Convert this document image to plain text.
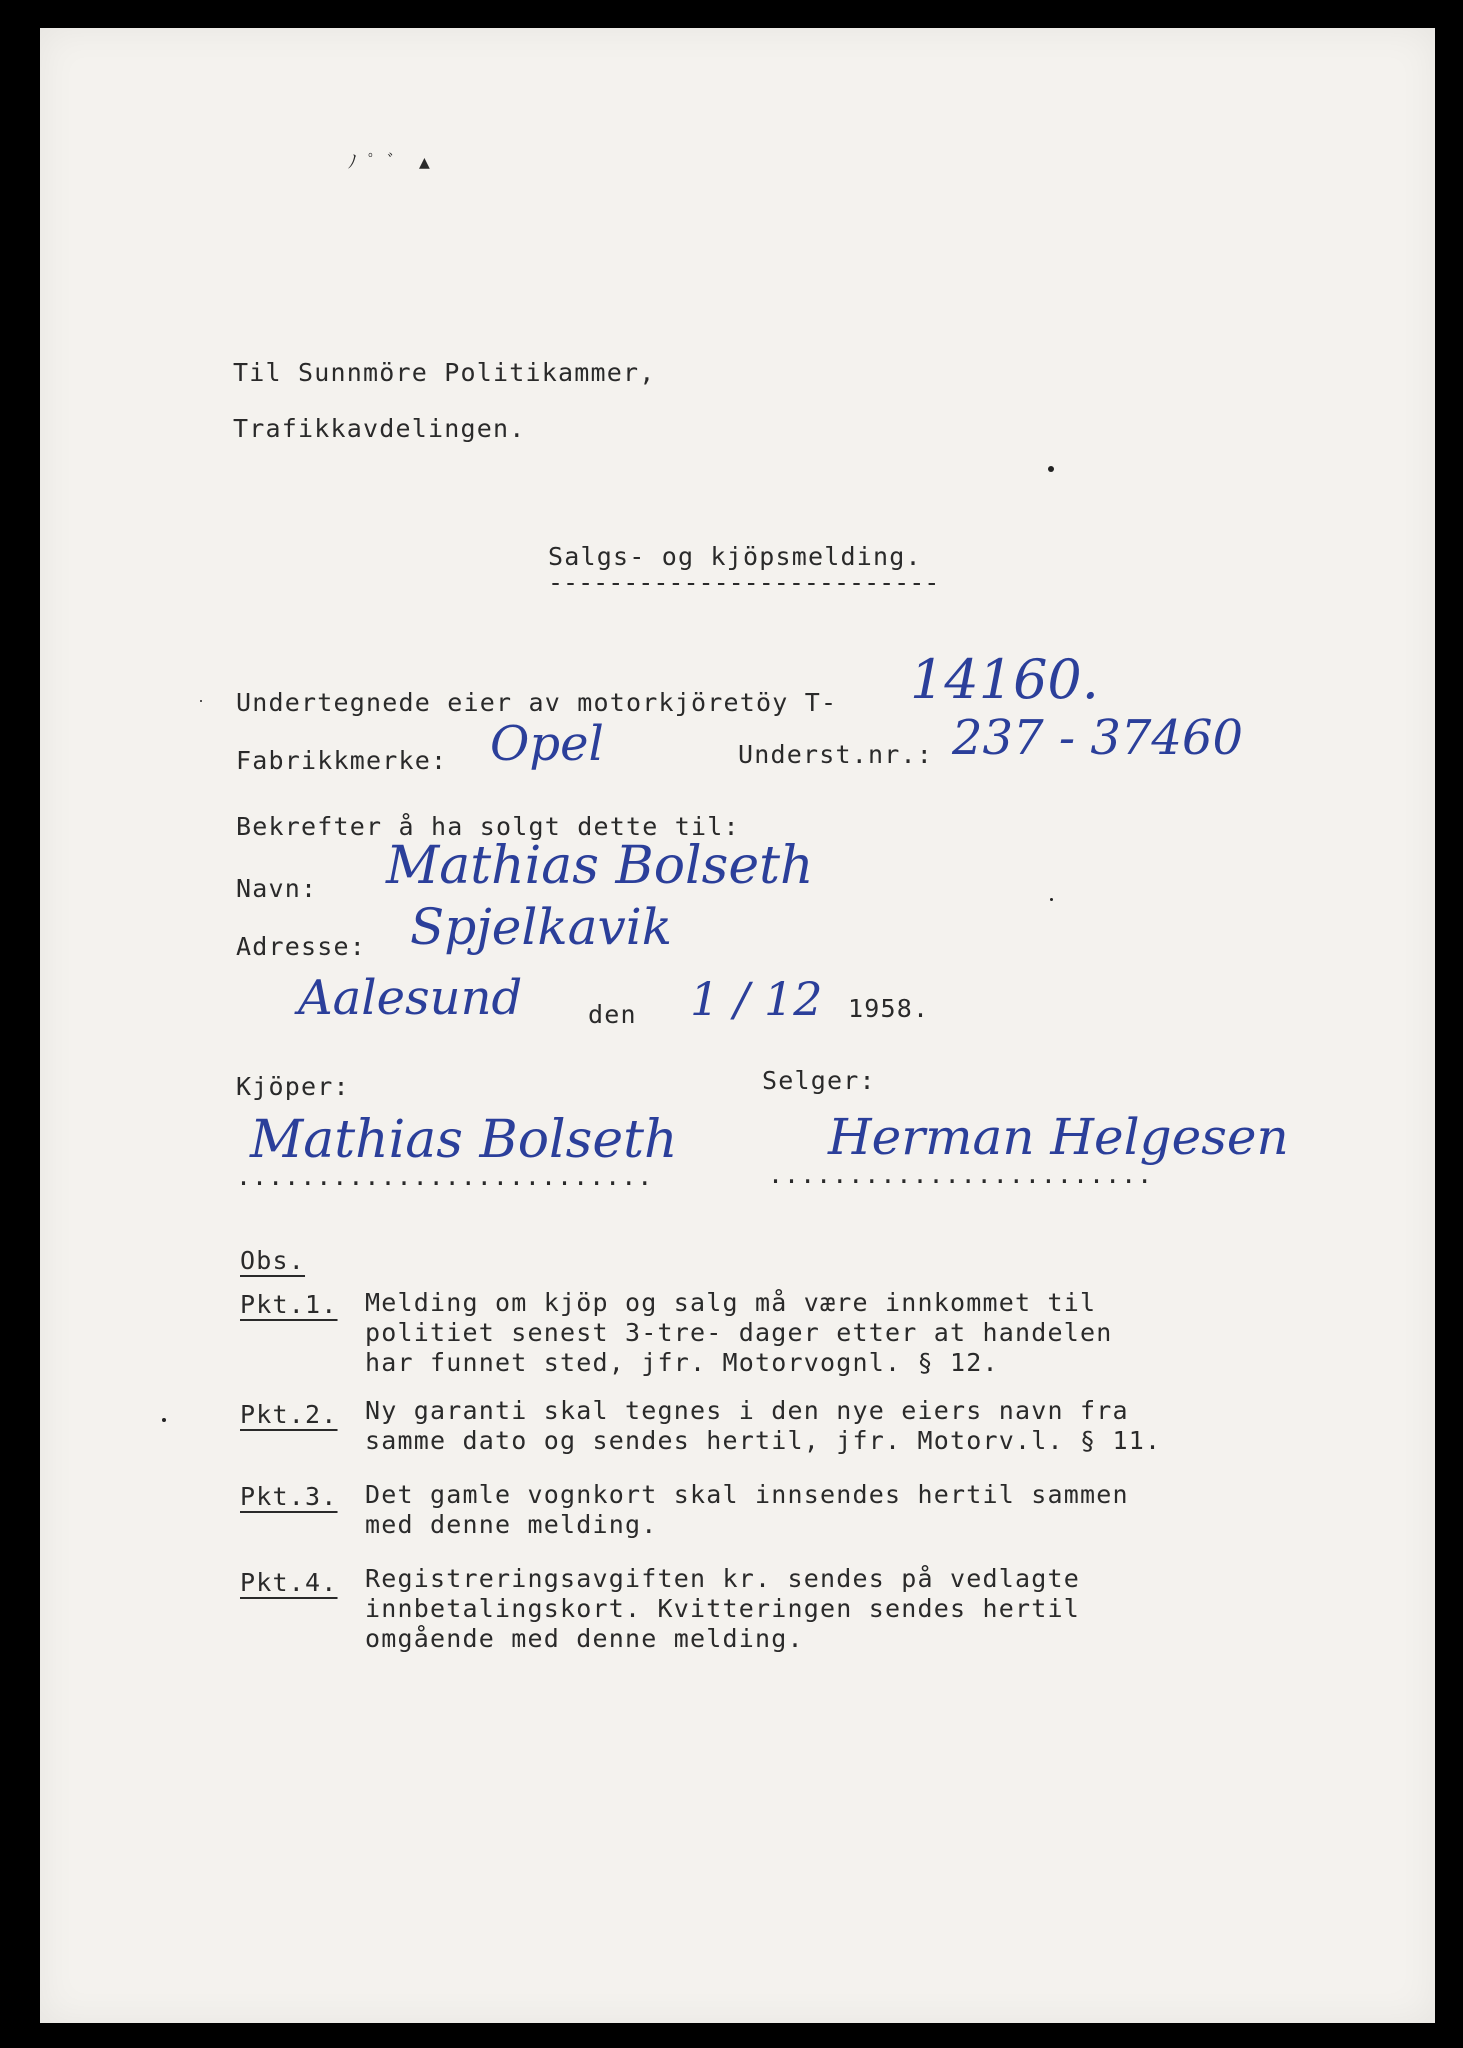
ﾉ ﾟ ﾞ ▲
Til Sunnmöre Politikammer,
Trafikkavdelingen.
Salgs- og kjöpsmelding.
--------------------------
Undertegnede eier av motorkjöretöy T- 14160.
Fabrikkmerke: Opel	Underst.nr.: 237 - 37460
Bekrefter å ha solgt dette til:
Navn: Mathias Bolseth
Adresse: Spjelkavik
Aalesund	den 1 / 12 1958.
Kjöper:	Selger:
Mathias Bolseth
..........................
Herman Helgesen
........................
Obs.
Pkt.1. Melding om kjöp og salg må være innkommet til
politiet senest 3-tre- dager etter at handelen
har funnet sted, jfr. Motorvognl. § 12.
Pkt.2. Ny garanti skal tegnes i den nye eiers navn fra
samme dato og sendes hertil, jfr. Motorv.l. § 11.
Pkt.3. Det gamle vognkort skal innsendes hertil sammen
med denne melding.
Pkt.4. Registreringsavgiften kr. sendes på vedlagte
innbetalingskort. Kvitteringen sendes hertil
omgående med denne melding.
